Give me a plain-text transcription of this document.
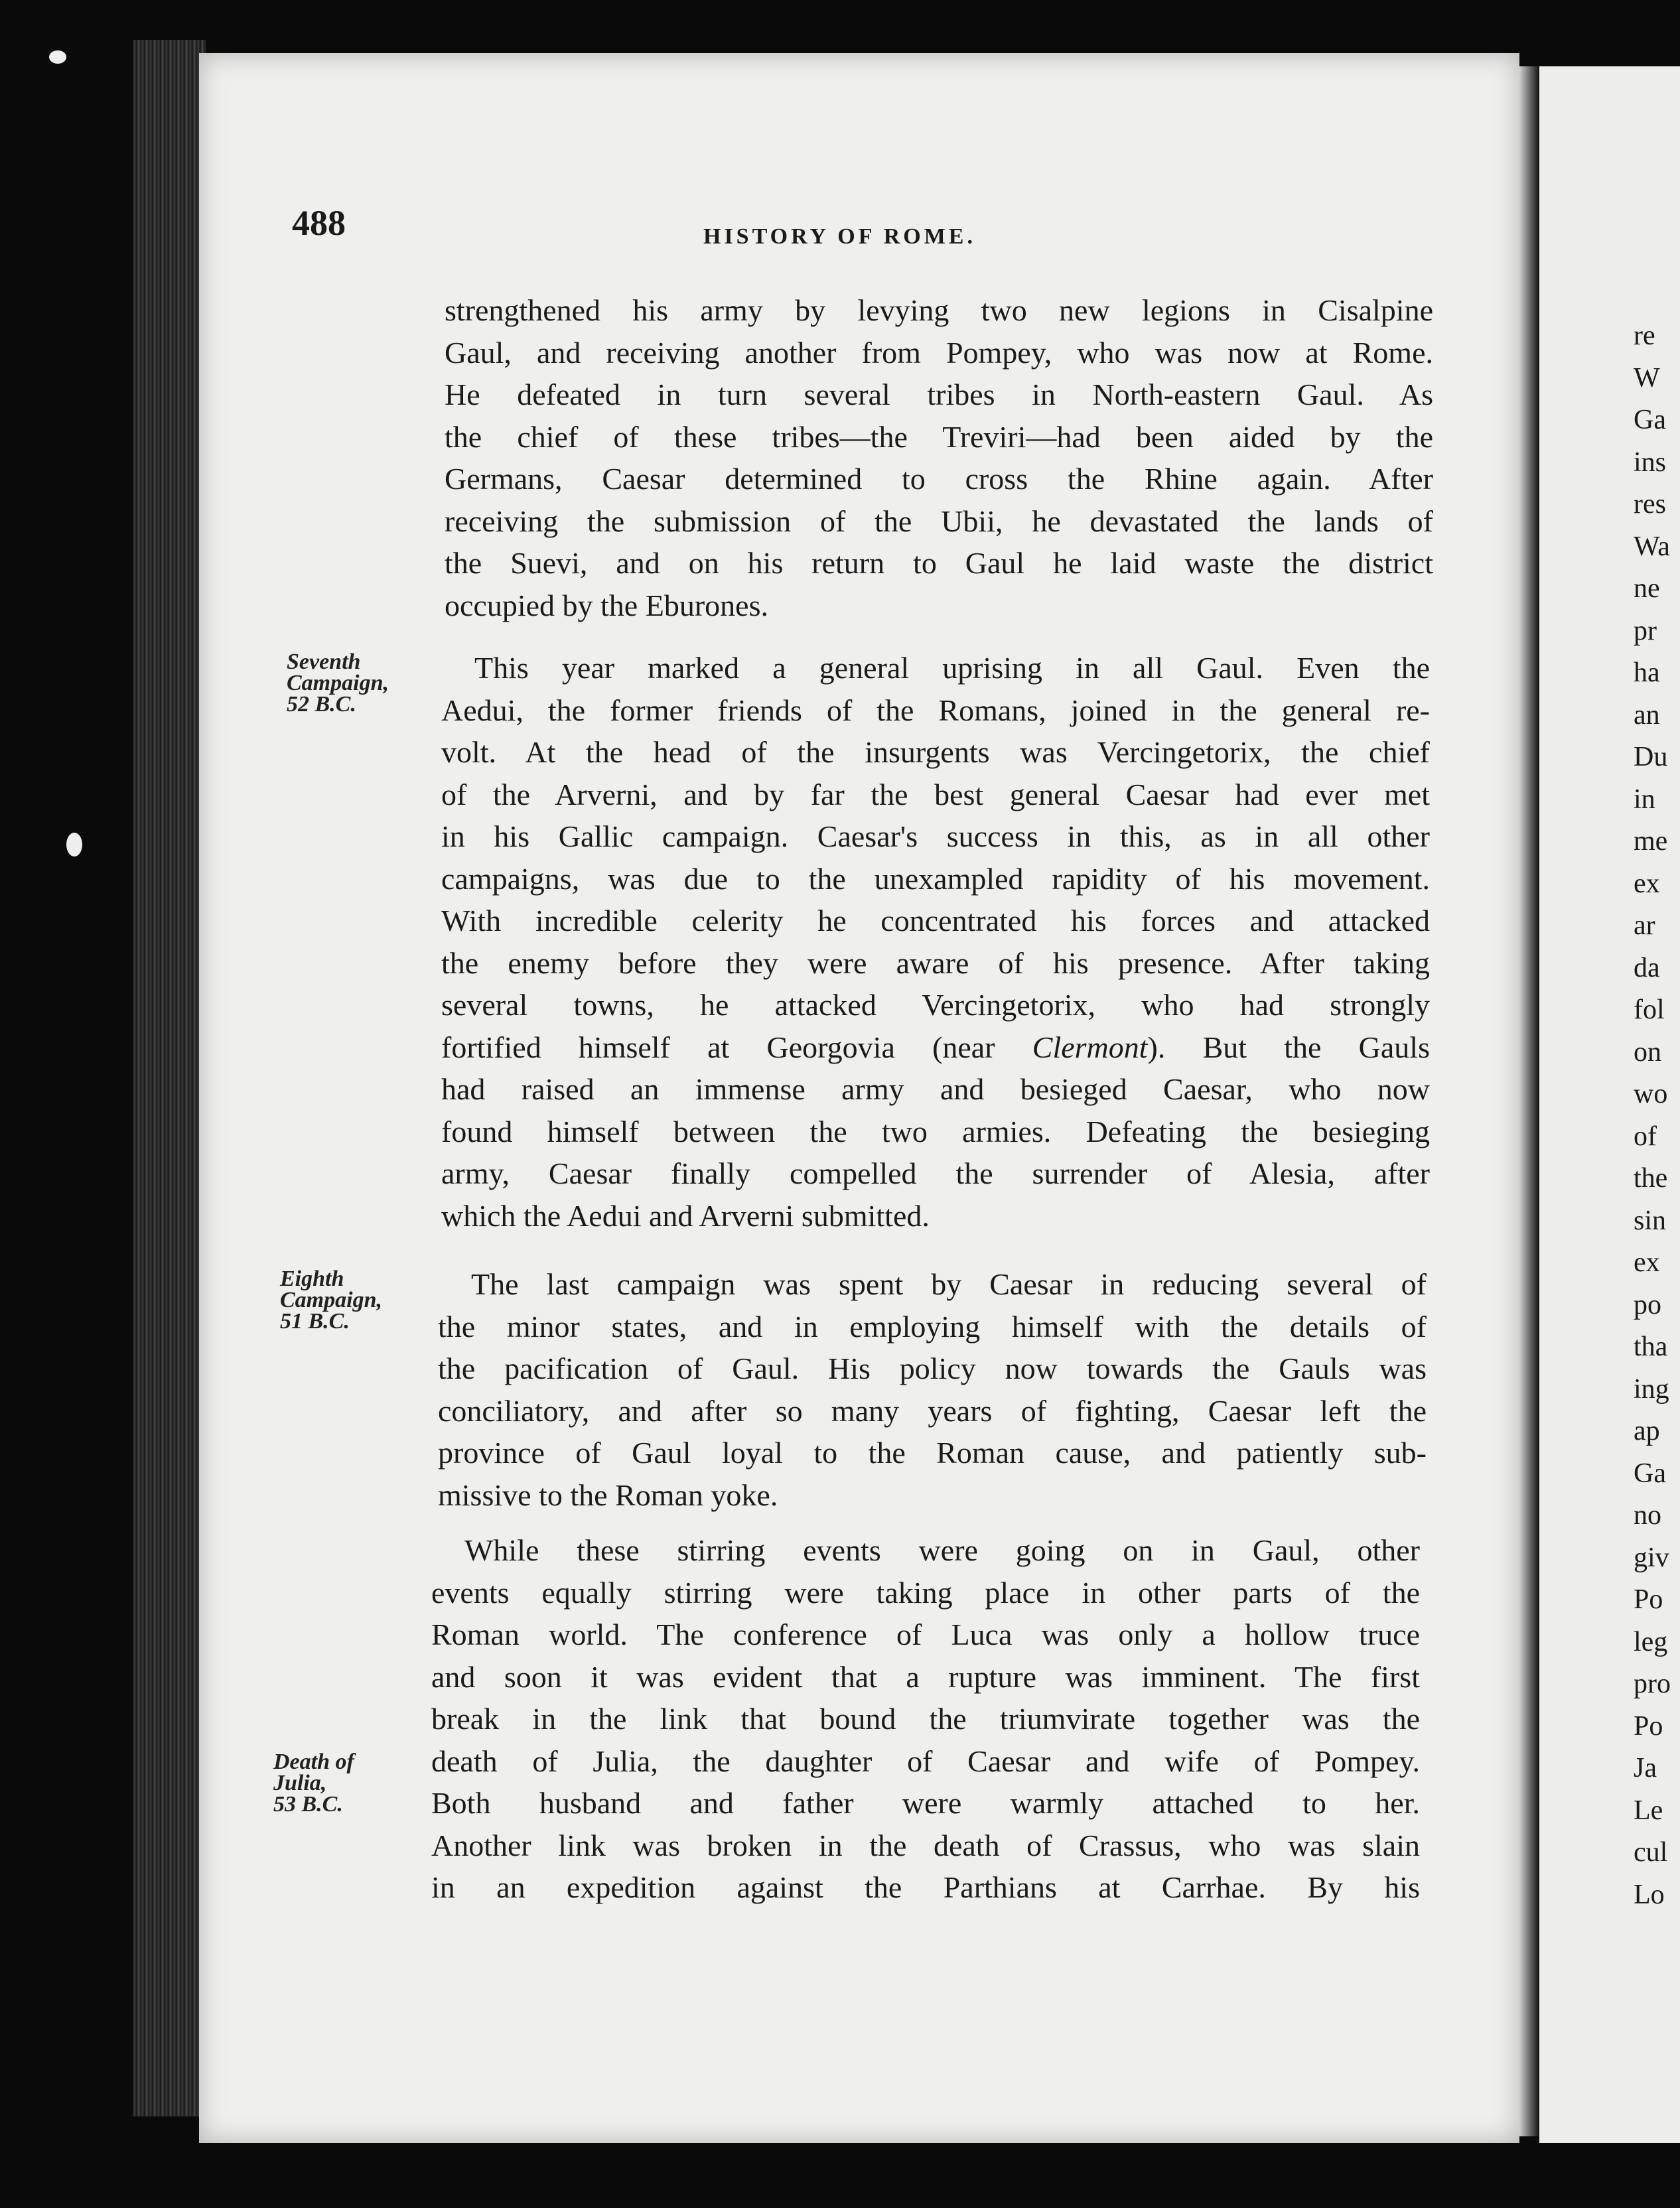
488	HISTORY OF ROME.
strengthened his army by levying two new legions in Cisalpine
Gaul, and receiving another from Pompey, who was now at Rome.
He defeated in turn several tribes in North-eastern Gaul. As
the chief of these tribes—the Treviri—had been aided by the
Germans, Caesar determined to cross the Rhine again. After
receiving the submission of the Ubii, he devastated the lands of
the Suevi, and on his return to Gaul he laid waste the district
occupied by the Eburones.
Seventh
Campaign,
52 B.C.
This year marked a general uprising in all Gaul. Even the
Aedui, the former friends of the Romans, joined in the general re-
volt. At the head of the insurgents was Vercingetorix, the chief
of the Arverni, and by far the best general Caesar had ever met
in his Gallic campaign. Caesar's success in this, as in all other
campaigns, was due to the unexampled rapidity of his movement.
With incredible celerity he concentrated his forces and attacked
the enemy before they were aware of his presence. After taking
several towns, he attacked Vercingetorix, who had strongly
fortified himself at Georgovia (near Clermont). But the Gauls
had raised an immense army and besieged Caesar, who now
found himself between the two armies. Defeating the besieging
army, Caesar finally compelled the surrender of Alesia, after
which the Aedui and Arverni submitted.
Eighth
Campaign,
51 B.C.
The last campaign was spent by Caesar in reducing several of
the minor states, and in employing himself with the details of
the pacification of Gaul. His policy now towards the Gauls was
conciliatory, and after so many years of fighting, Caesar left the
province of Gaul loyal to the Roman cause, and patiently sub-
missive to the Roman yoke.
Death of
Julia,
53 B.C.
While these stirring events were going on in Gaul, other
events equally stirring were taking place in other parts of the
Roman world. The conference of Luca was only a hollow truce
and soon it was evident that a rupture was imminent. The first
break in the link that bound the triumvirate together was the
death of Julia, the daughter of Caesar and wife of Pompey.
Both husband and father were warmly attached to her.
Another link was broken in the death of Crassus, who was slain
in an expedition against the Parthians at Carrhae. By his
re
W
Ga
ins
res
Wa
ne
pr
ha
an
Du
in
me
ex
ar
da
fol
on
wo
of
the
sin
ex
po
tha
ing
ap
Ga
no
giv
Po
leg
pro
Po
Ja
Le
cul
Lo
